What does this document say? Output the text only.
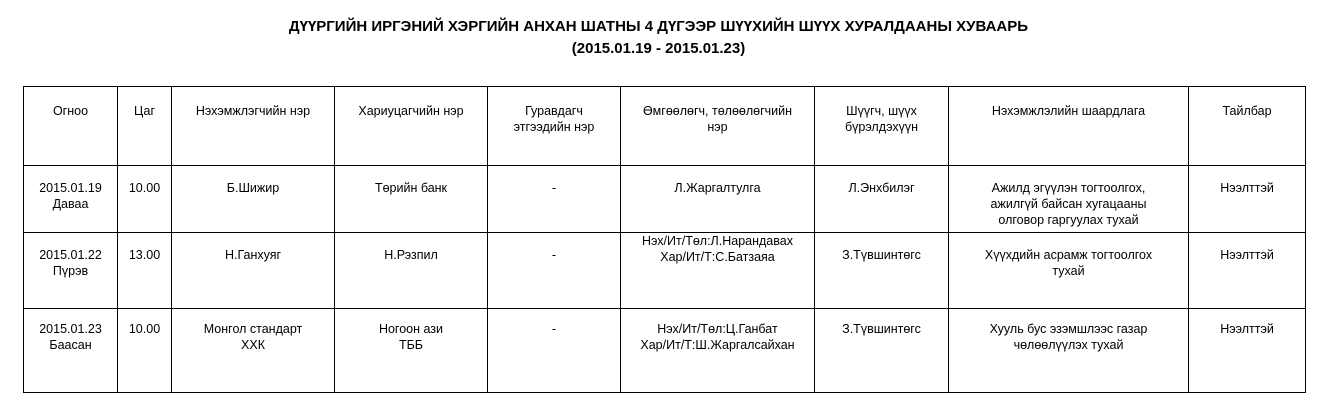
ДҮҮРГИЙН ИРГЭНИЙ ХЭРГИЙН АНХАН ШАТНЫ 4 ДҮГЭЭР ШҮҮХИЙН ШҮҮХ ХУРАЛДААНЫ ХУВААРЬ
(2015.01.19 - 2015.01.23)
Огноо	Цаг	Нэхэмжлэгчийн нэр	Хариуцагчийн нэр	Гуравдагч
этгээдийн нэр	Өмгөөлөгч, төлөөлөгчийн
нэр	Шүүгч, шүүх
бүрэлдэхүүн	Нэхэмжлэлийн шаардлага	Тайлбар

2015.01.19
Даваа	10.00	Б.Шижир	Төрийн банк	-	Л.Жаргалтулга	Л.Энхбилэг	Ажилд эгүүлэн тогтоолгох,
ажилгүй байсан хугацааны
олговор гаргуулах тухай	Нээлттэй

2015.01.22
Пүрэв	13.00	Н.Ганхуяг	Н.Рэзпил	-	Нэх/Ит/Төл:Л.Нарандавах
Хар/Ит/Т:С.Батзаяа	З.Түвшинтөгс	Хүүхдийн асрамж тогтоолгох
тухай	Нээлттэй

2015.01.23
Баасан	10.00	Монгол стандарт
ХХК	Ногоон ази
ТББ	-	Нэх/Ит/Төл:Ц.Ганбат
Хар/Ит/Т:Ш.Жаргалсайхан	З.Түвшинтөгс	Хууль бус эзэмшлээс газар
чөлөөлүүлэх тухай	Нээлттэй
